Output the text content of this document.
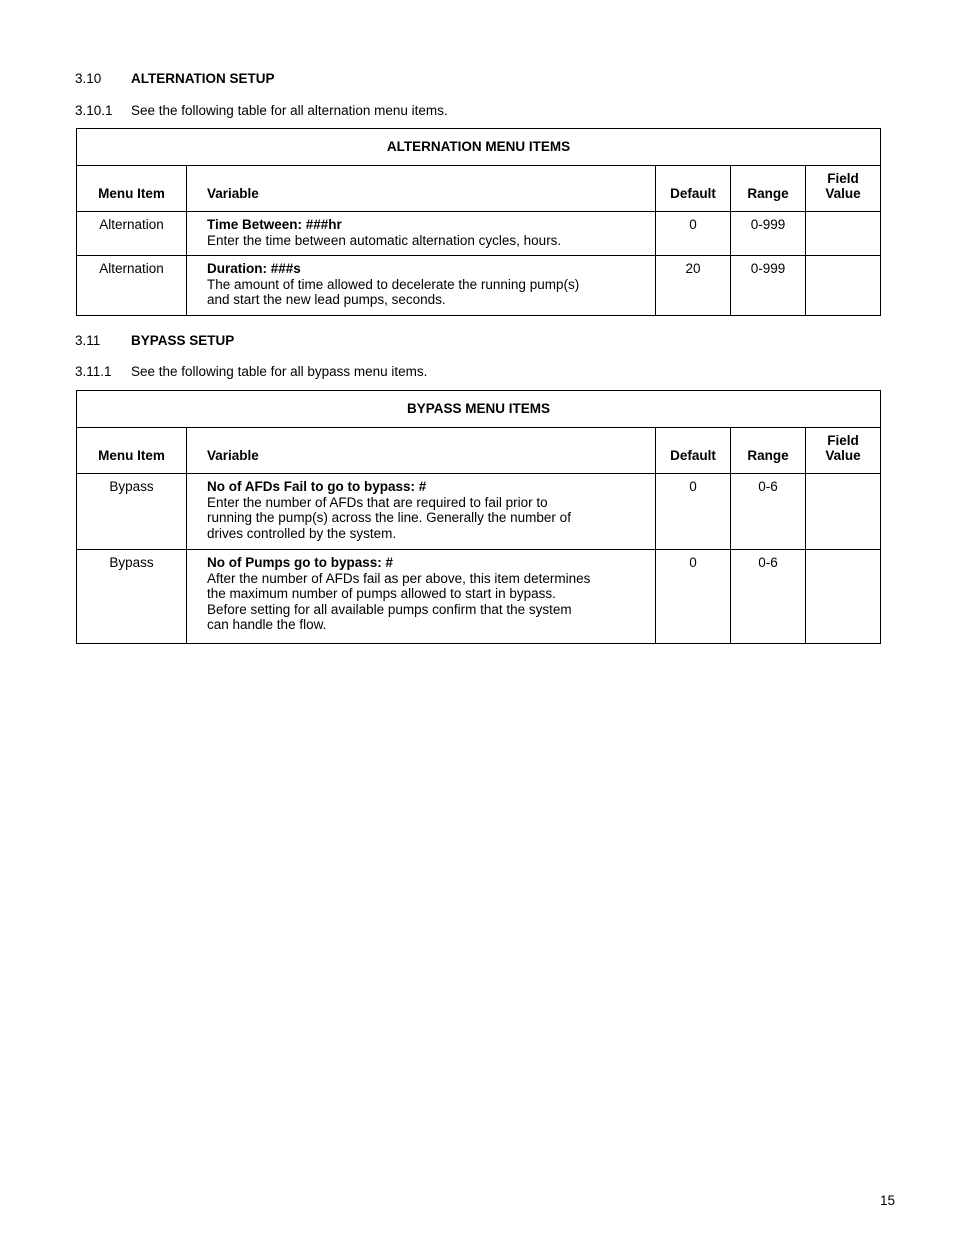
3.10 ALTERNATION SETUP
3.10.1 See the following table for all alternation menu items.
ALTERNATION MENU ITEMS				
Menu Item	Variable	Default	Range	Field
Value

Alternation	Time Between: ###hr
Enter the time between automatic alternation cycles, hours.	0	0-999	
Alternation	Duration: ###s
The amount of time allowed to decelerate the running pump(s)
and start the new lead pumps, seconds.	20	0-999	
3.11 BYPASS SETUP
3.11.1 See the following table for all bypass menu items.
BYPASS MENU ITEMS				
Menu Item	Variable	Default	Range	Field
Value

Bypass	No of AFDs Fail to go to bypass: #
Enter the number of AFDs that are required to fail prior to
running the pump(s) across the line. Generally the number of
drives controlled by the system.	0	0-6	
Bypass	No of Pumps go to bypass: #
After the number of AFDs fail as per above, this item determines
the maximum number of pumps allowed to start in bypass.
Before setting for all available pumps confirm that the system
can handle the flow.	0	0-6	
15
